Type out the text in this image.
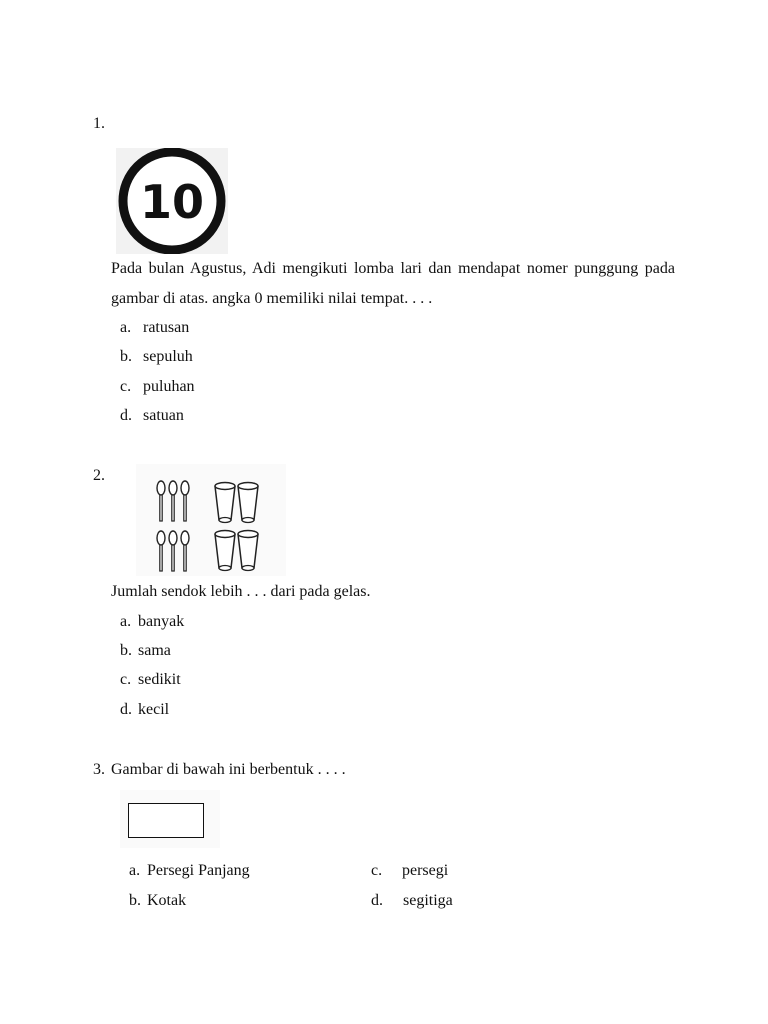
1.
10
Pada bulan Agustus, Adi mengikuti lomba lari dan mendapat nomer punggung pada gambar di atas. angka 0 memiliki nilai tempat. . . .
a. ratusan
b. sepuluh
c. puluhan
d. satuan
2.
Jumlah sendok lebih . . . dari pada gelas.
a. banyak
b. sama
c. sedikit
d. kecil
3. Gambar di bawah ini berbentuk . . . .
a. Persegi Panjang
b. Kotak
c. persegi
d. segitiga
